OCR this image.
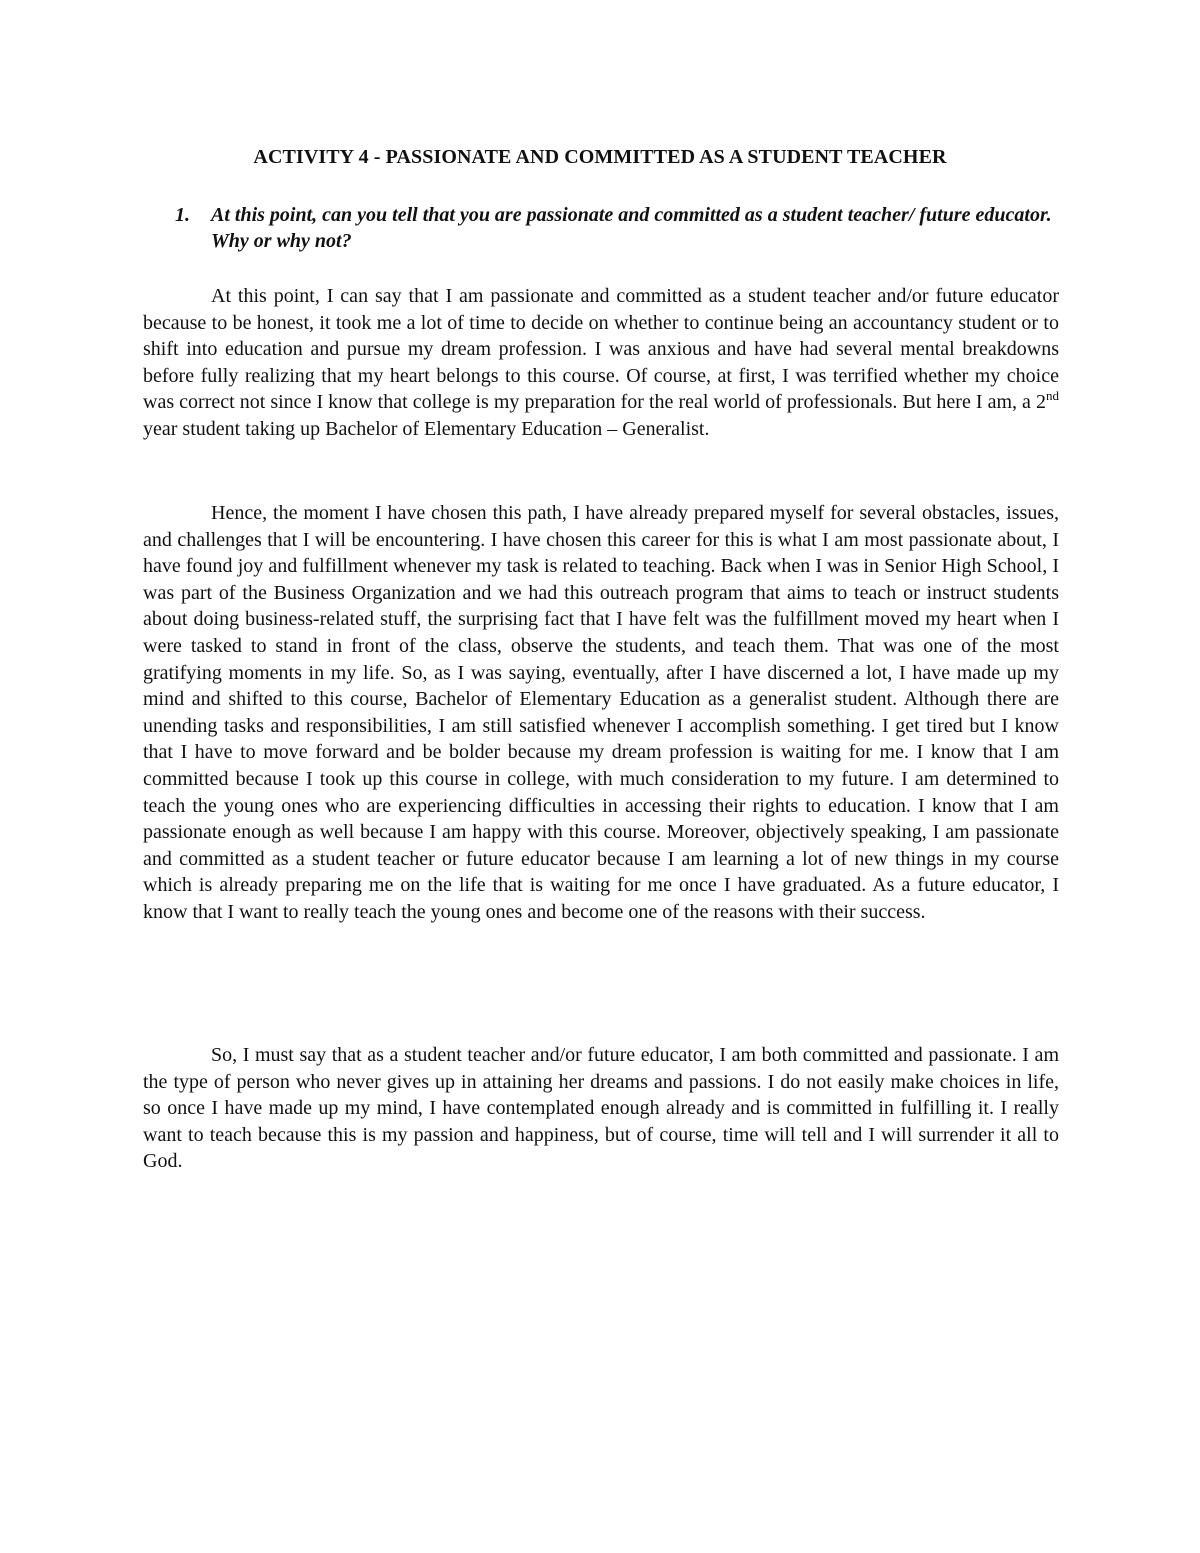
ACTIVITY 4 - PASSIONATE AND COMMITTED AS A STUDENT TEACHER
1. At this point, can you tell that you are passionate and committed as a student teacher/ future educator. Why or why not?

At this point, I can say that I am passionate and committed as a student teacher and/or future educator because to be honest, it took me a lot of time to decide on whether to continue being an accountancy student or to shift into education and pursue my dream profession. I was anxious and have had several mental breakdowns before fully realizing that my heart belongs to this course. Of course, at first, I was terrified whether my choice was correct not since I know that college is my preparation for the real world of professionals. But here I am, a 2nd year student taking up Bachelor of Elementary Education – Generalist.

Hence, the moment I have chosen this path, I have already prepared myself for several obstacles, issues, and challenges that I will be encountering. I have chosen this career for this is what I am most passionate about, I have found joy and fulfillment whenever my task is related to teaching. Back when I was in Senior High School, I was part of the Business Organization and we had this outreach program that aims to teach or instruct students about doing business-related stuff, the surprising fact that I have felt was the fulfillment moved my heart when I were tasked to stand in front of the class, observe the students, and teach them. That was one of the most gratifying moments in my life. So, as I was saying, eventually, after I have discerned a lot, I have made up my mind and shifted to this course, Bachelor of Elementary Education as a generalist student. Although there are unending tasks and responsibilities, I am still satisfied whenever I accomplish something. I get tired but I know that I have to move forward and be bolder because my dream profession is waiting for me. I know that I am committed because I took up this course in college, with much consideration to my future. I am determined to teach the young ones who are experiencing difficulties in accessing their rights to education. I know that I am passionate enough as well because I am happy with this course. Moreover, objectively speaking, I am passionate and committed as a student teacher or future educator because I am learning a lot of new things in my course which is already preparing me on the life that is waiting for me once I have graduated. As a future educator, I know that I want to really teach the young ones and become one of the reasons with their success.

So, I must say that as a student teacher and/or future educator, I am both committed and passionate. I am the type of person who never gives up in attaining her dreams and passions. I do not easily make choices in life, so once I have made up my mind, I have contemplated enough already and is committed in fulfilling it. I really want to teach because this is my passion and happiness, but of course, time will tell and I will surrender it all to God.
